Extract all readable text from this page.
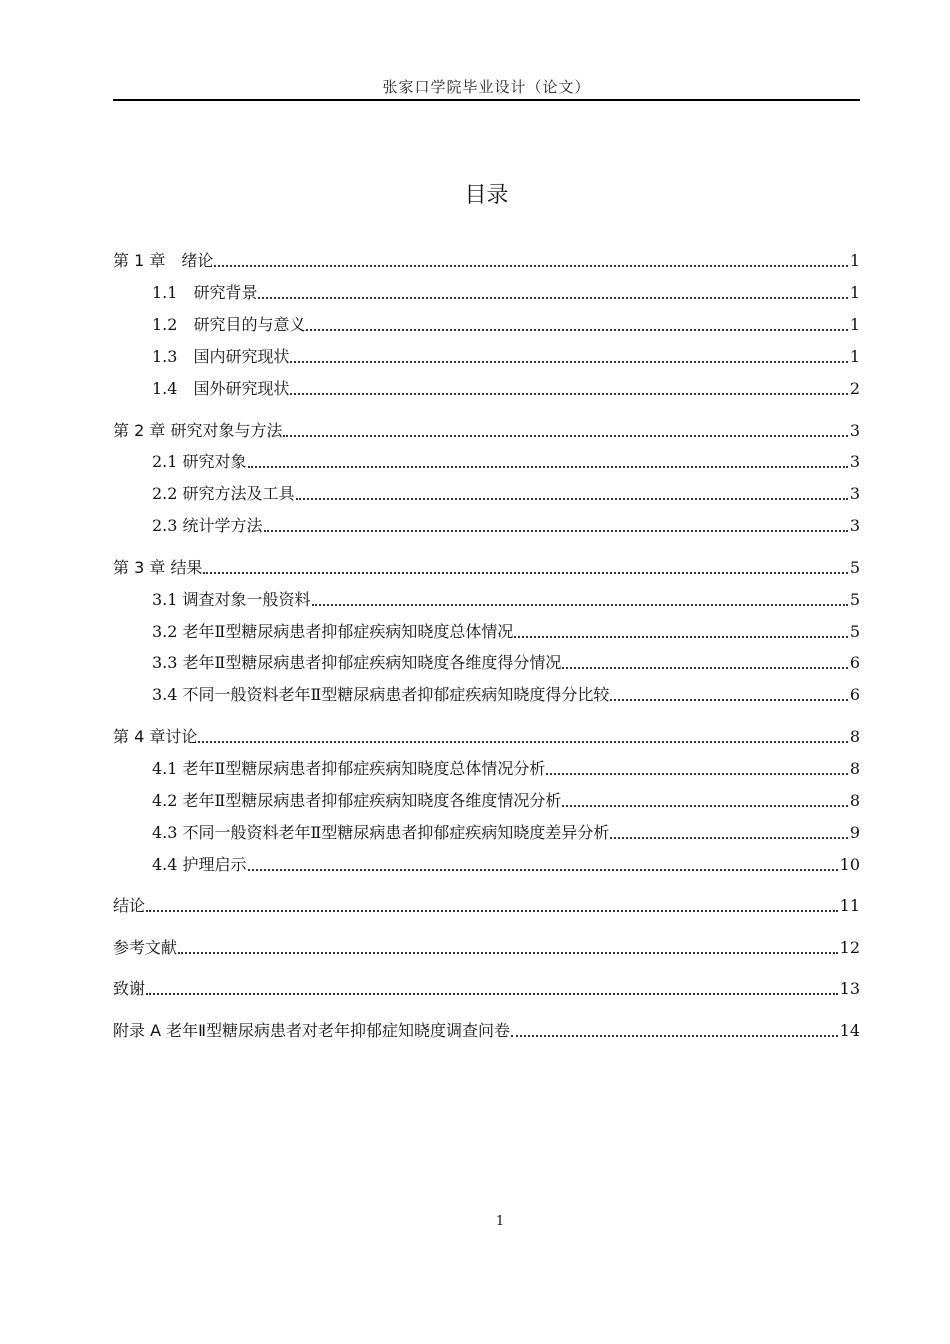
张家口学院毕业设计（论文）
目录
第 1 章　绪论	1
1.1　研究背景	1
1.2　研究目的与意义	1
1.3　国内研究现状	1
1.4　国外研究现状	2
第 2 章 研究对象与方法	3
2.1 研究对象	3
2.2 研究方法及工具	3
2.3 统计学方法	3
第 3 章 结果	5
3.1 调查对象一般资料	5
3.2 老年Ⅱ型糖尿病患者抑郁症疾病知晓度总体情况	5
3.3 老年Ⅱ型糖尿病患者抑郁症疾病知晓度各维度得分情况	6
3.4 不同一般资料老年Ⅱ型糖尿病患者抑郁症疾病知晓度得分比较	6
第 4 章讨论	8
4.1 老年Ⅱ型糖尿病患者抑郁症疾病知晓度总体情况分析	8
4.2 老年Ⅱ型糖尿病患者抑郁症疾病知晓度各维度情况分析	8
4.3 不同一般资料老年Ⅱ型糖尿病患者抑郁症疾病知晓度差异分析	9
4.4 护理启示	10
结论	11
参考文献	12
致谢	13
附录 A 老年Ⅱ型糖尿病患者对老年抑郁症知晓度调查问卷	14
1
